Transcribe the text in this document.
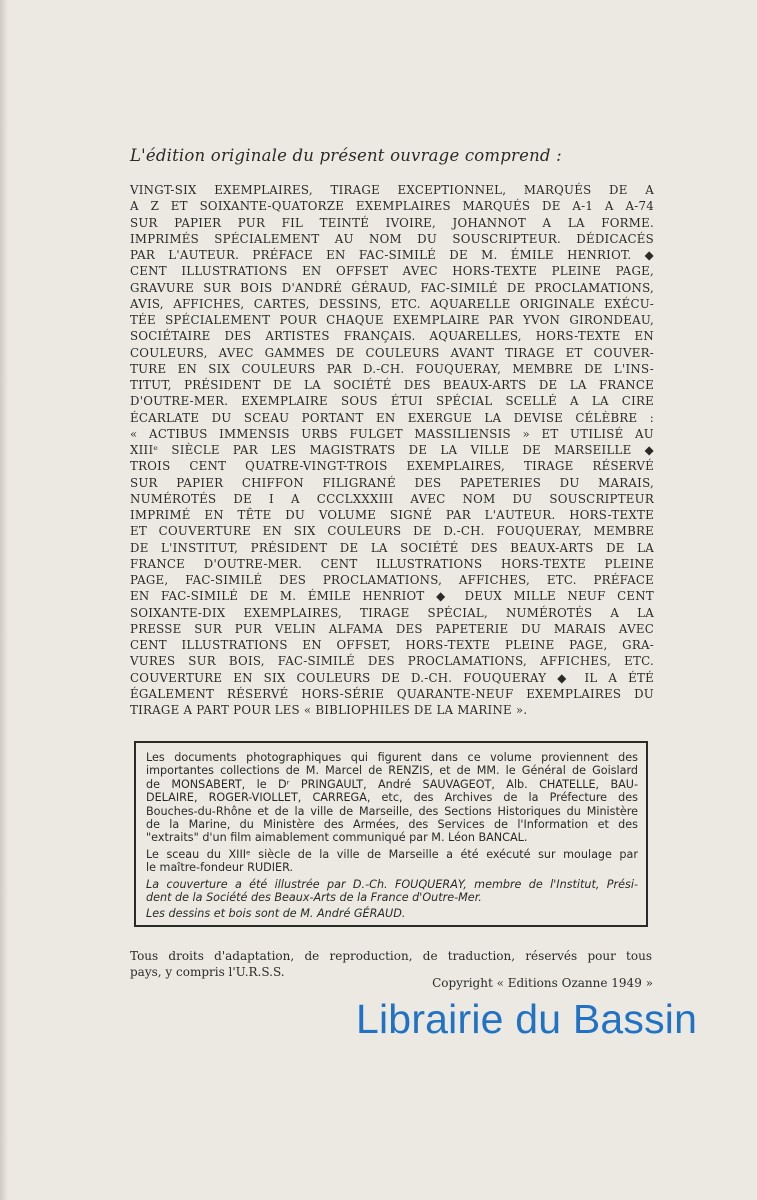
L'édition originale du présent ouvrage comprend :
VINGT-SIX EXEMPLAIRES, TIRAGE EXCEPTIONNEL, MARQUÉS DE A
A Z ET SOIXANTE-QUATORZE EXEMPLAIRES MARQUÉS DE A-1 A A-74
SUR PAPIER PUR FIL TEINTÉ IVOIRE, JOHANNOT A LA FORME.
IMPRIMÉS SPÉCIALEMENT AU NOM DU SOUSCRIPTEUR. DÉDICACÉS
PAR L'AUTEUR. PRÉFACE EN FAC-SIMILÉ DE M. ÉMILE HENRIOT. ◆
CENT ILLUSTRATIONS EN OFFSET AVEC HORS-TEXTE PLEINE PAGE,
GRAVURE SUR BOIS D'ANDRÉ GÉRAUD, FAC-SIMILÉ DE PROCLAMATIONS,
AVIS, AFFICHES, CARTES, DESSINS, ETC. AQUARELLE ORIGINALE EXÉCU-
TÉE SPÉCIALEMENT POUR CHAQUE EXEMPLAIRE PAR YVON GIRONDEAU,
SOCIÉTAIRE DES ARTISTES FRANÇAIS. AQUARELLES, HORS-TEXTE EN
COULEURS, AVEC GAMMES DE COULEURS AVANT TIRAGE ET COUVER-
TURE EN SIX COULEURS PAR D.-CH. FOUQUERAY, MEMBRE DE L'INS-
TITUT, PRÉSIDENT DE LA SOCIÉTÉ DES BEAUX-ARTS DE LA FRANCE
D'OUTRE-MER. EXEMPLAIRE SOUS ÉTUI SPÉCIAL SCELLÉ A LA CIRE
ÉCARLATE DU SCEAU PORTANT EN EXERGUE LA DEVISE CÉLÈBRE :
« ACTIBUS IMMENSIS URBS FULGET MASSILIENSIS » ET UTILISÉ AU
XIIIᵉ SIÈCLE PAR LES MAGISTRATS DE LA VILLE DE MARSEILLE ◆
TROIS CENT QUATRE-VINGT-TROIS EXEMPLAIRES, TIRAGE RÉSERVÉ
SUR PAPIER CHIFFON FILIGRANÉ DES PAPETERIES DU MARAIS,
NUMÉROTÉS DE I A CCCLXXXIII AVEC NOM DU SOUSCRIPTEUR
IMPRIMÉ EN TÊTE DU VOLUME SIGNÉ PAR L'AUTEUR. HORS-TEXTE
ET COUVERTURE EN SIX COULEURS DE D.-CH. FOUQUERAY, MEMBRE
DE L'INSTITUT, PRÉSIDENT DE LA SOCIÉTÉ DES BEAUX-ARTS DE LA
FRANCE D'OUTRE-MER. CENT ILLUSTRATIONS HORS-TEXTE PLEINE
PAGE, FAC-SIMILÉ DES PROCLAMATIONS, AFFICHES, ETC. PRÉFACE
EN FAC-SIMILÉ DE M. ÉMILE HENRIOT ◆ DEUX MILLE NEUF CENT
SOIXANTE-DIX EXEMPLAIRES, TIRAGE SPÉCIAL, NUMÉROTÉS A LA
PRESSE SUR PUR VELIN ALFAMA DES PAPETERIE DU MARAIS AVEC
CENT ILLUSTRATIONS EN OFFSET, HORS-TEXTE PLEINE PAGE, GRA-
VURES SUR BOIS, FAC-SIMILÉ DES PROCLAMATIONS, AFFICHES, ETC.
COUVERTURE EN SIX COULEURS DE D.-CH. FOUQUERAY ◆ IL A ÉTÉ
ÉGALEMENT RÉSERVÉ HORS-SÉRIE QUARANTE-NEUF EXEMPLAIRES DU
TIRAGE A PART POUR LES « BIBLIOPHILES DE LA MARINE ».
Les documents photographiques qui figurent dans ce volume proviennent des
importantes collections de M. Marcel de RENZIS, et de MM. le Général de Goislard
de MONSABERT, le Dʳ PRINGAULT, André SAUVAGEOT, Alb. CHATELLE, BAU-
DELAIRE, ROGER-VIOLLET, CARREGA, etc, des Archives de la Préfecture des
Bouches-du-Rhône et de la ville de Marseille, des Sections Historiques du Ministère
de la Marine, du Ministère des Armées, des Services de l'Information et des
"extraits" d'un film aimablement communiqué par M. Léon BANCAL.
Le sceau du XIIIᵉ siècle de la ville de Marseille a été exécuté sur moulage par
le maître-fondeur RUDIER.
La couverture a été illustrée par D.-Ch. FOUQUERAY, membre de l'Institut, Prési-
dent de la Société des Beaux-Arts de la France d'Outre-Mer.
Les dessins et bois sont de M. André GÉRAUD.
Tous droits d'adaptation, de reproduction, de traduction, réservés pour tous
pays, y compris l'U.R.S.S.
Copyright « Editions Ozanne 1949 »
Librairie du Bassin
